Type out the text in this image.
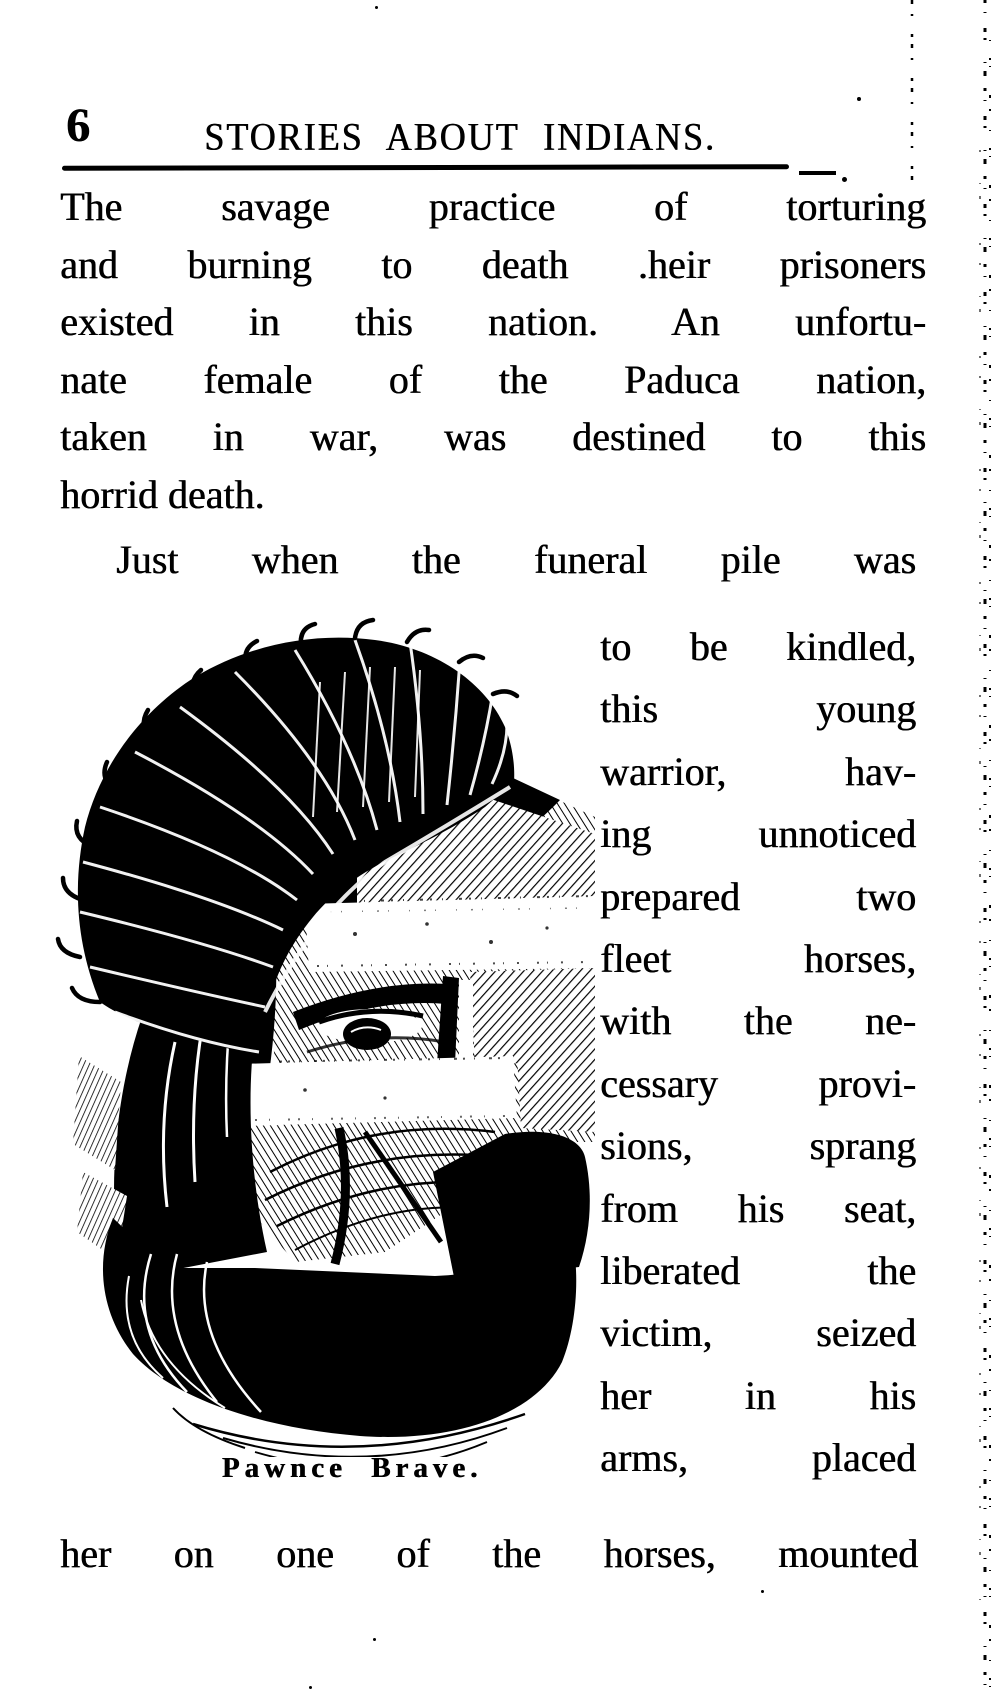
6	STORIES ABOUT INDIANS.
The savage practice of torturing
and burning to death .heir prisoners
existed in this nation. An unfortu-
nate female of the Paduca nation,
taken in war, was destined to this
horrid death.
Just when the funeral pile was
to be kindled,
this young
warrior, hav-
ing unnoticed
prepared two
fleet horses,
with the ne-
cessary provi-
sions, sprang
from his seat,
liberated the
victim, seized
her in his
arms, placed
Pawnce Brave.
her on one of the horses, mounted
